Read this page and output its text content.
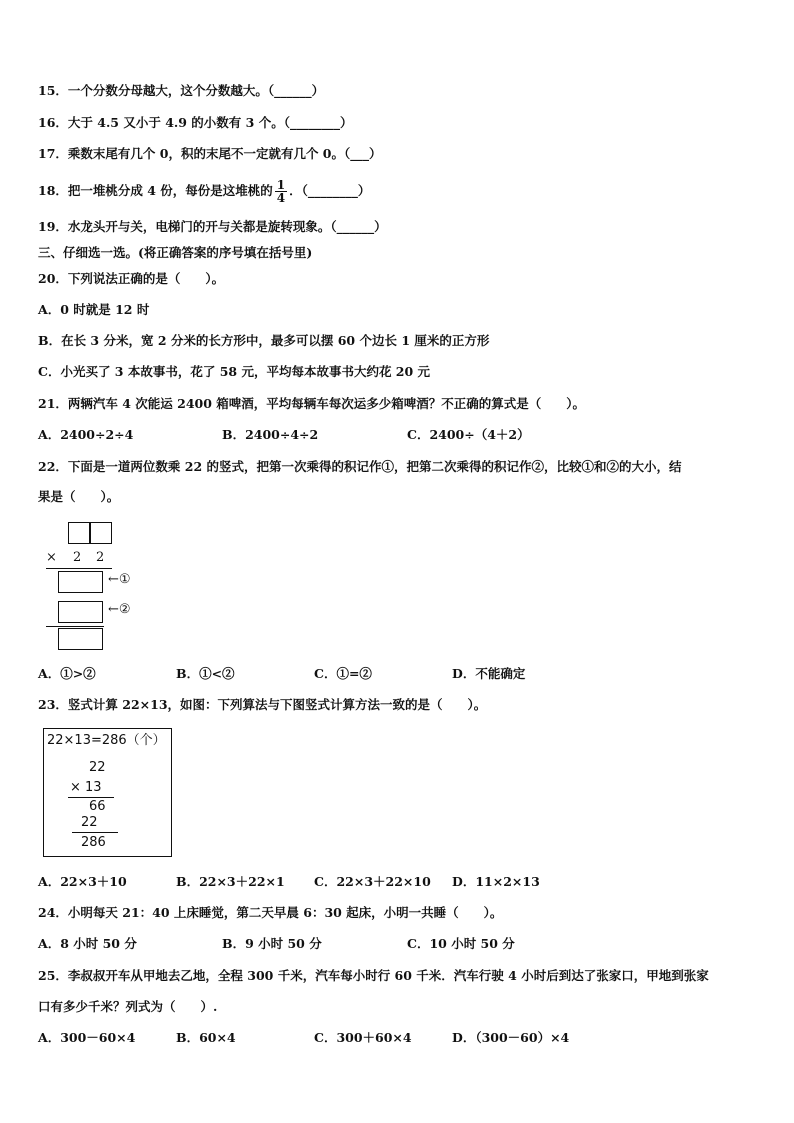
15．一个分数分母越大，这个分数越大。（______）
16．大于 4.5 又小于 4.9 的小数有 3 个。（________）
17．乘数末尾有几个 0，积的末尾不一定就有几个 0。（___）
18．把一堆桃分成 4 份，每份是这堆桃的 $\frac{1}{4}$ ．（________）
19．水龙头开与关，电梯门的开与关都是旋转现象。（______）
三、仔细选一选。(将正确答案的序号填在括号里)
20．下列说法正确的是（　　）。
A．0 时就是 12 时
B．在长 3 分米，宽 2 分米的长方形中，最多可以摆 60 个边长 1 厘米的正方形
C．小光买了 3 本故事书，花了 58 元，平均每本故事书大约花 20 元
21．两辆汽车 4 次能运 2400 箱啤酒，平均每辆车每次运多少箱啤酒？不正确的算式是（　　）。
A．2400÷2÷4	B．2400÷4÷2	C．2400÷（4＋2）
22．下面是一道两位数乘 22 的竖式，把第一次乘得的积记作①，把第二次乘得的积记作②，比较①和②的大小，结
果是（　　）。
× 2 2
←①
←②
A．①>②	B．①<②	C．①=②	D．不能确定
23．竖式计算 22×13，如图：下列算法与下图竖式计算方法一致的是（　　）。
22×13=286（个）
22
× 13
66
22
286
A．22×3＋10	B．22×3＋22×1 C．22×3＋22×10 D．11×2×13
24．小明每天 21：40 上床睡觉，第二天早晨 6：30 起床，小明一共睡（　　）。
A．8 小时 50 分	B．9 小时 50 分	C．10 小时 50 分
25．李叔叔开车从甲地去乙地，全程 300 千米，汽车每小时行 60 千米．汽车行驶 4 小时后到达了张家口，甲地到张家
口有多少千米？列式为（　　）.
A．300－60×4	B．60×4	C．300＋60×4	D．（300－60）×4
